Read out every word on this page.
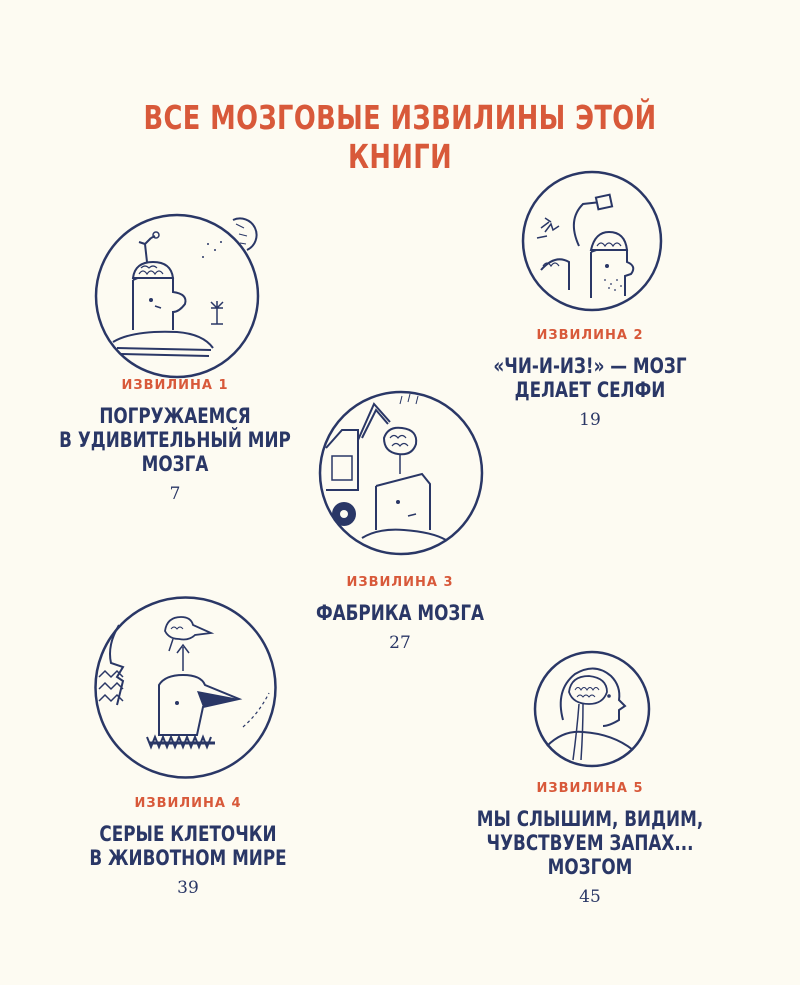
ВСЕ МОЗГОВЫЕ ИЗВИЛИНЫ ЭТОЙ КНИГИ
ИЗВИЛИНА 1
ПОГРУЖАЕМСЯ
В УДИВИТЕЛЬНЫЙ МИР
МОЗГА
7
ИЗВИЛИНА 2
«ЧИ-И-ИЗ!» — МОЗГ
ДЕЛАЕТ СЕЛФИ
19
ИЗВИЛИНА 3
ФАБРИКА МОЗГА
27
ИЗВИЛИНА 4
СЕРЫЕ КЛЕТОЧКИ
В ЖИВОТНОМ МИРЕ
39
ИЗВИЛИНА 5
МЫ СЛЫШИМ, ВИДИМ,
ЧУВСТВУЕМ ЗАПАХ...
МОЗГОМ
45
